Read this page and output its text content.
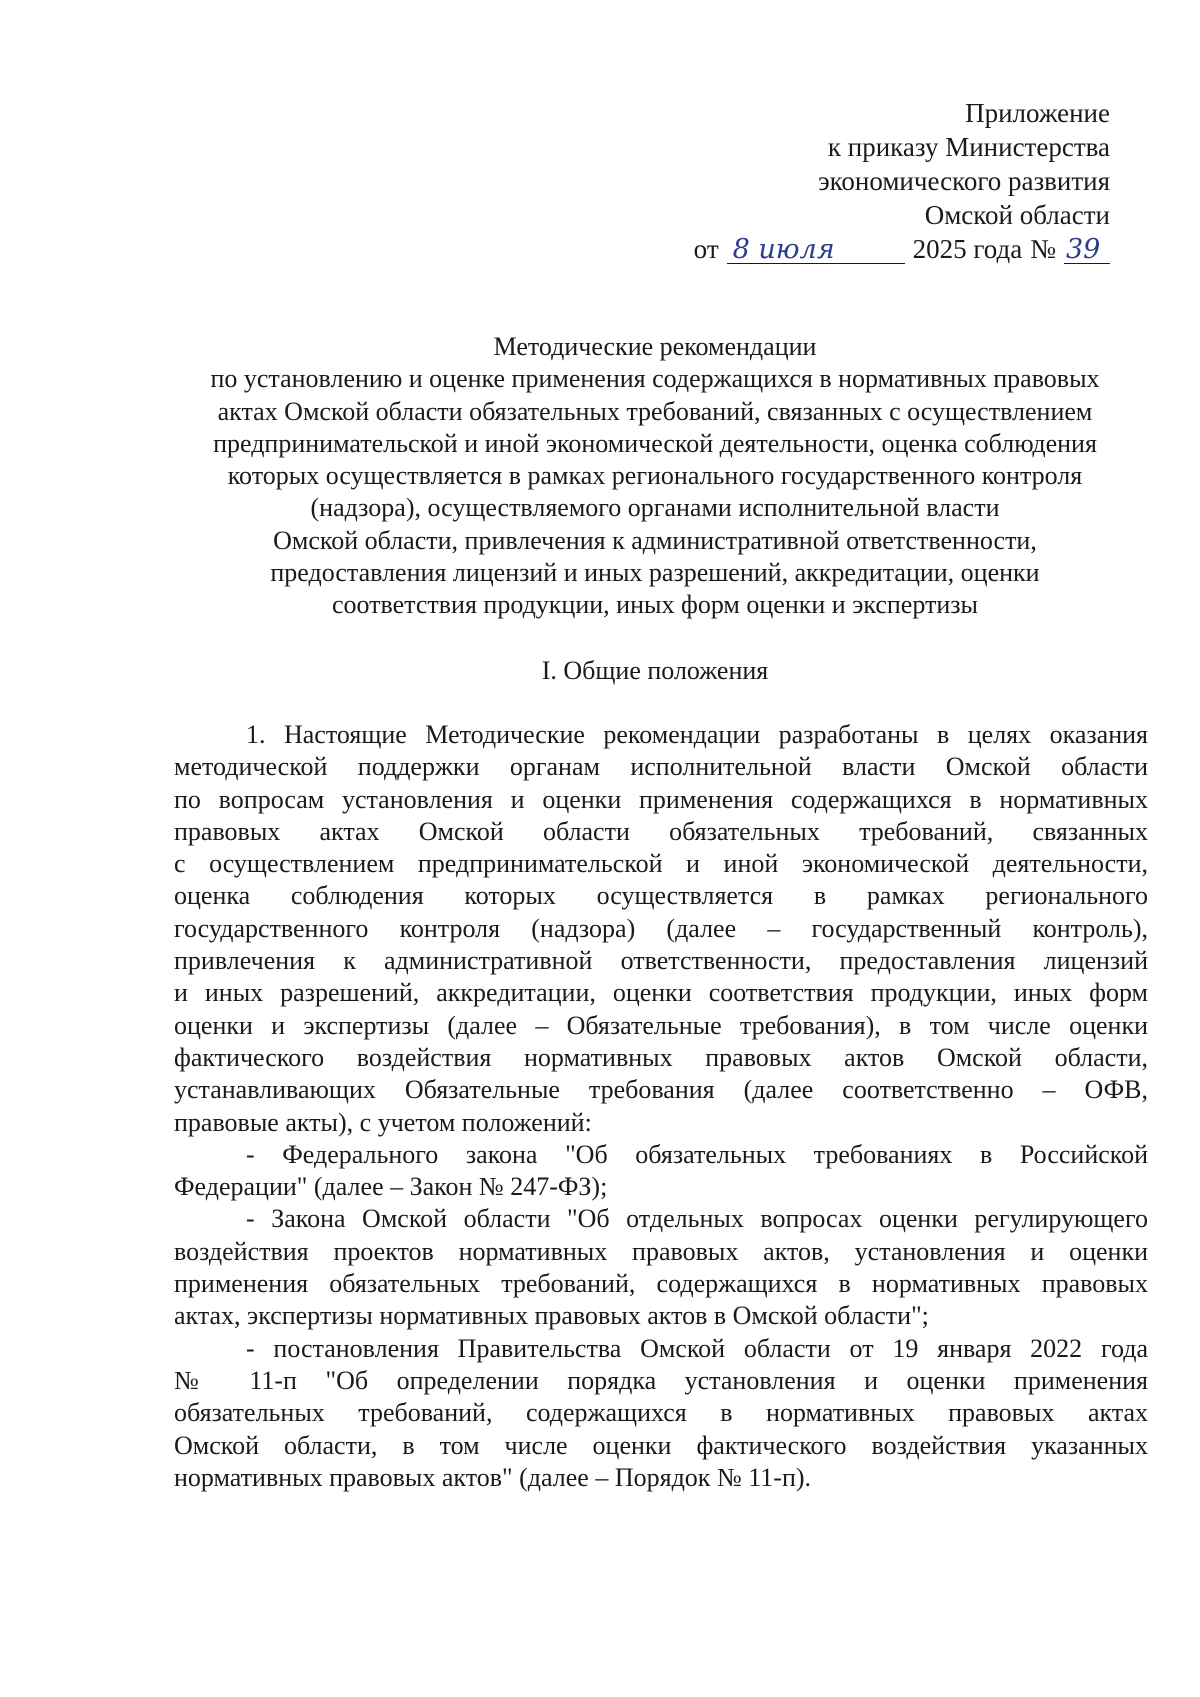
Приложение
к приказу Министерства
экономического развития
Омской области
от 8 июля	2025 года № 39
Методические рекомендации
по установлению и оценке применения содержащихся в нормативных правовых
актах Омской области обязательных требований, связанных с осуществлением
предпринимательской и иной экономической деятельности, оценка соблюдения
которых осуществляется в рамках регионального государственного контроля
(надзора), осуществляемого органами исполнительной власти
Омской области, привлечения к административной ответственности,
предоставления лицензий и иных разрешений, аккредитации, оценки
соответствия продукции, иных форм оценки и экспертизы
I. Общие положения
1. Настоящие Методические рекомендации разработаны в целях оказания
методической поддержки органам исполнительной власти Омской области
по вопросам установления и оценки применения содержащихся в нормативных
правовых актах Омской области обязательных требований, связанных
с осуществлением предпринимательской и иной экономической деятельности,
оценка соблюдения которых осуществляется в рамках регионального
государственного контроля (надзора) (далее – государственный контроль),
привлечения к административной ответственности, предоставления лицензий
и иных разрешений, аккредитации, оценки соответствия продукции, иных форм
оценки и экспертизы (далее – Обязательные требования), в том числе оценки
фактического воздействия нормативных правовых актов Омской области,
устанавливающих Обязательные требования (далее соответственно – ОФВ,
правовые акты), с учетом положений:
- Федерального закона "Об обязательных требованиях в Российской
Федерации" (далее – Закон № 247-ФЗ);
- Закона Омской области "Об отдельных вопросах оценки регулирующего
воздействия проектов нормативных правовых актов, установления и оценки
применения обязательных требований, содержащихся в нормативных правовых
актах, экспертизы нормативных правовых актов в Омской области";
- постановления Правительства Омской области от 19 января 2022 года
№ 11-п "Об определении порядка установления и оценки применения
обязательных требований, содержащихся в нормативных правовых актах
Омской области, в том числе оценки фактического воздействия указанных
нормативных правовых актов" (далее – Порядок № 11-п).
